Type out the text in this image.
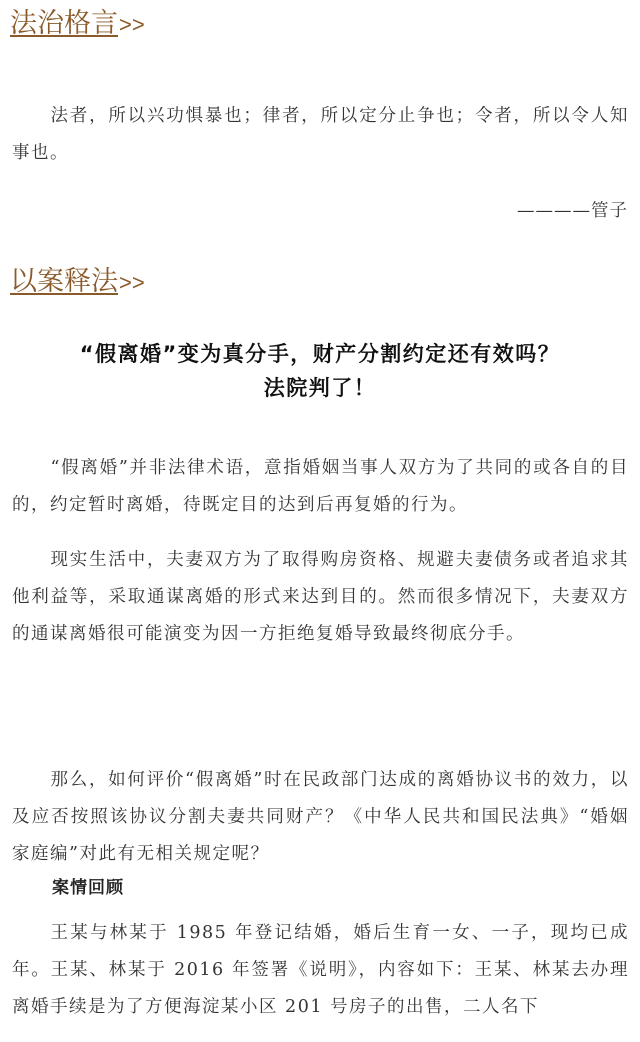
法治格言>>

法者，所以兴功惧暴也；律者，所以定分止争也；令者，所以令人知事也。

————管子
以案释法>>
“假离婚”变为真分手，财产分割约定还有效吗？
法院判了！

“假离婚”并非法律术语，意指婚姻当事人双方为了共同的或各自的目的，约定暂时离婚，待既定目的达到后再复婚的行为。

现实生活中，夫妻双方为了取得购房资格、规避夫妻债务或者追求其他利益等，采取通谋离婚的形式来达到目的。然而很多情况下，夫妻双方的通谋离婚很可能演变为因一方拒绝复婚导致最终彻底分手。

那么，如何评价“假离婚”时在民政部门达成的离婚协议书的效力，以及应否按照该协议分割夫妻共同财产？《中华人民共和国民法典》“婚姻家庭编”对此有无相关规定呢？

案情回顾

王某与林某于 1985 年登记结婚，婚后生育一女、一子，现均已成年。王某、林某于 2016 年签署《说明》，内容如下：王某、林某去办理离婚手续是为了方便海淀某小区 201 号房子的出售，二人名下
